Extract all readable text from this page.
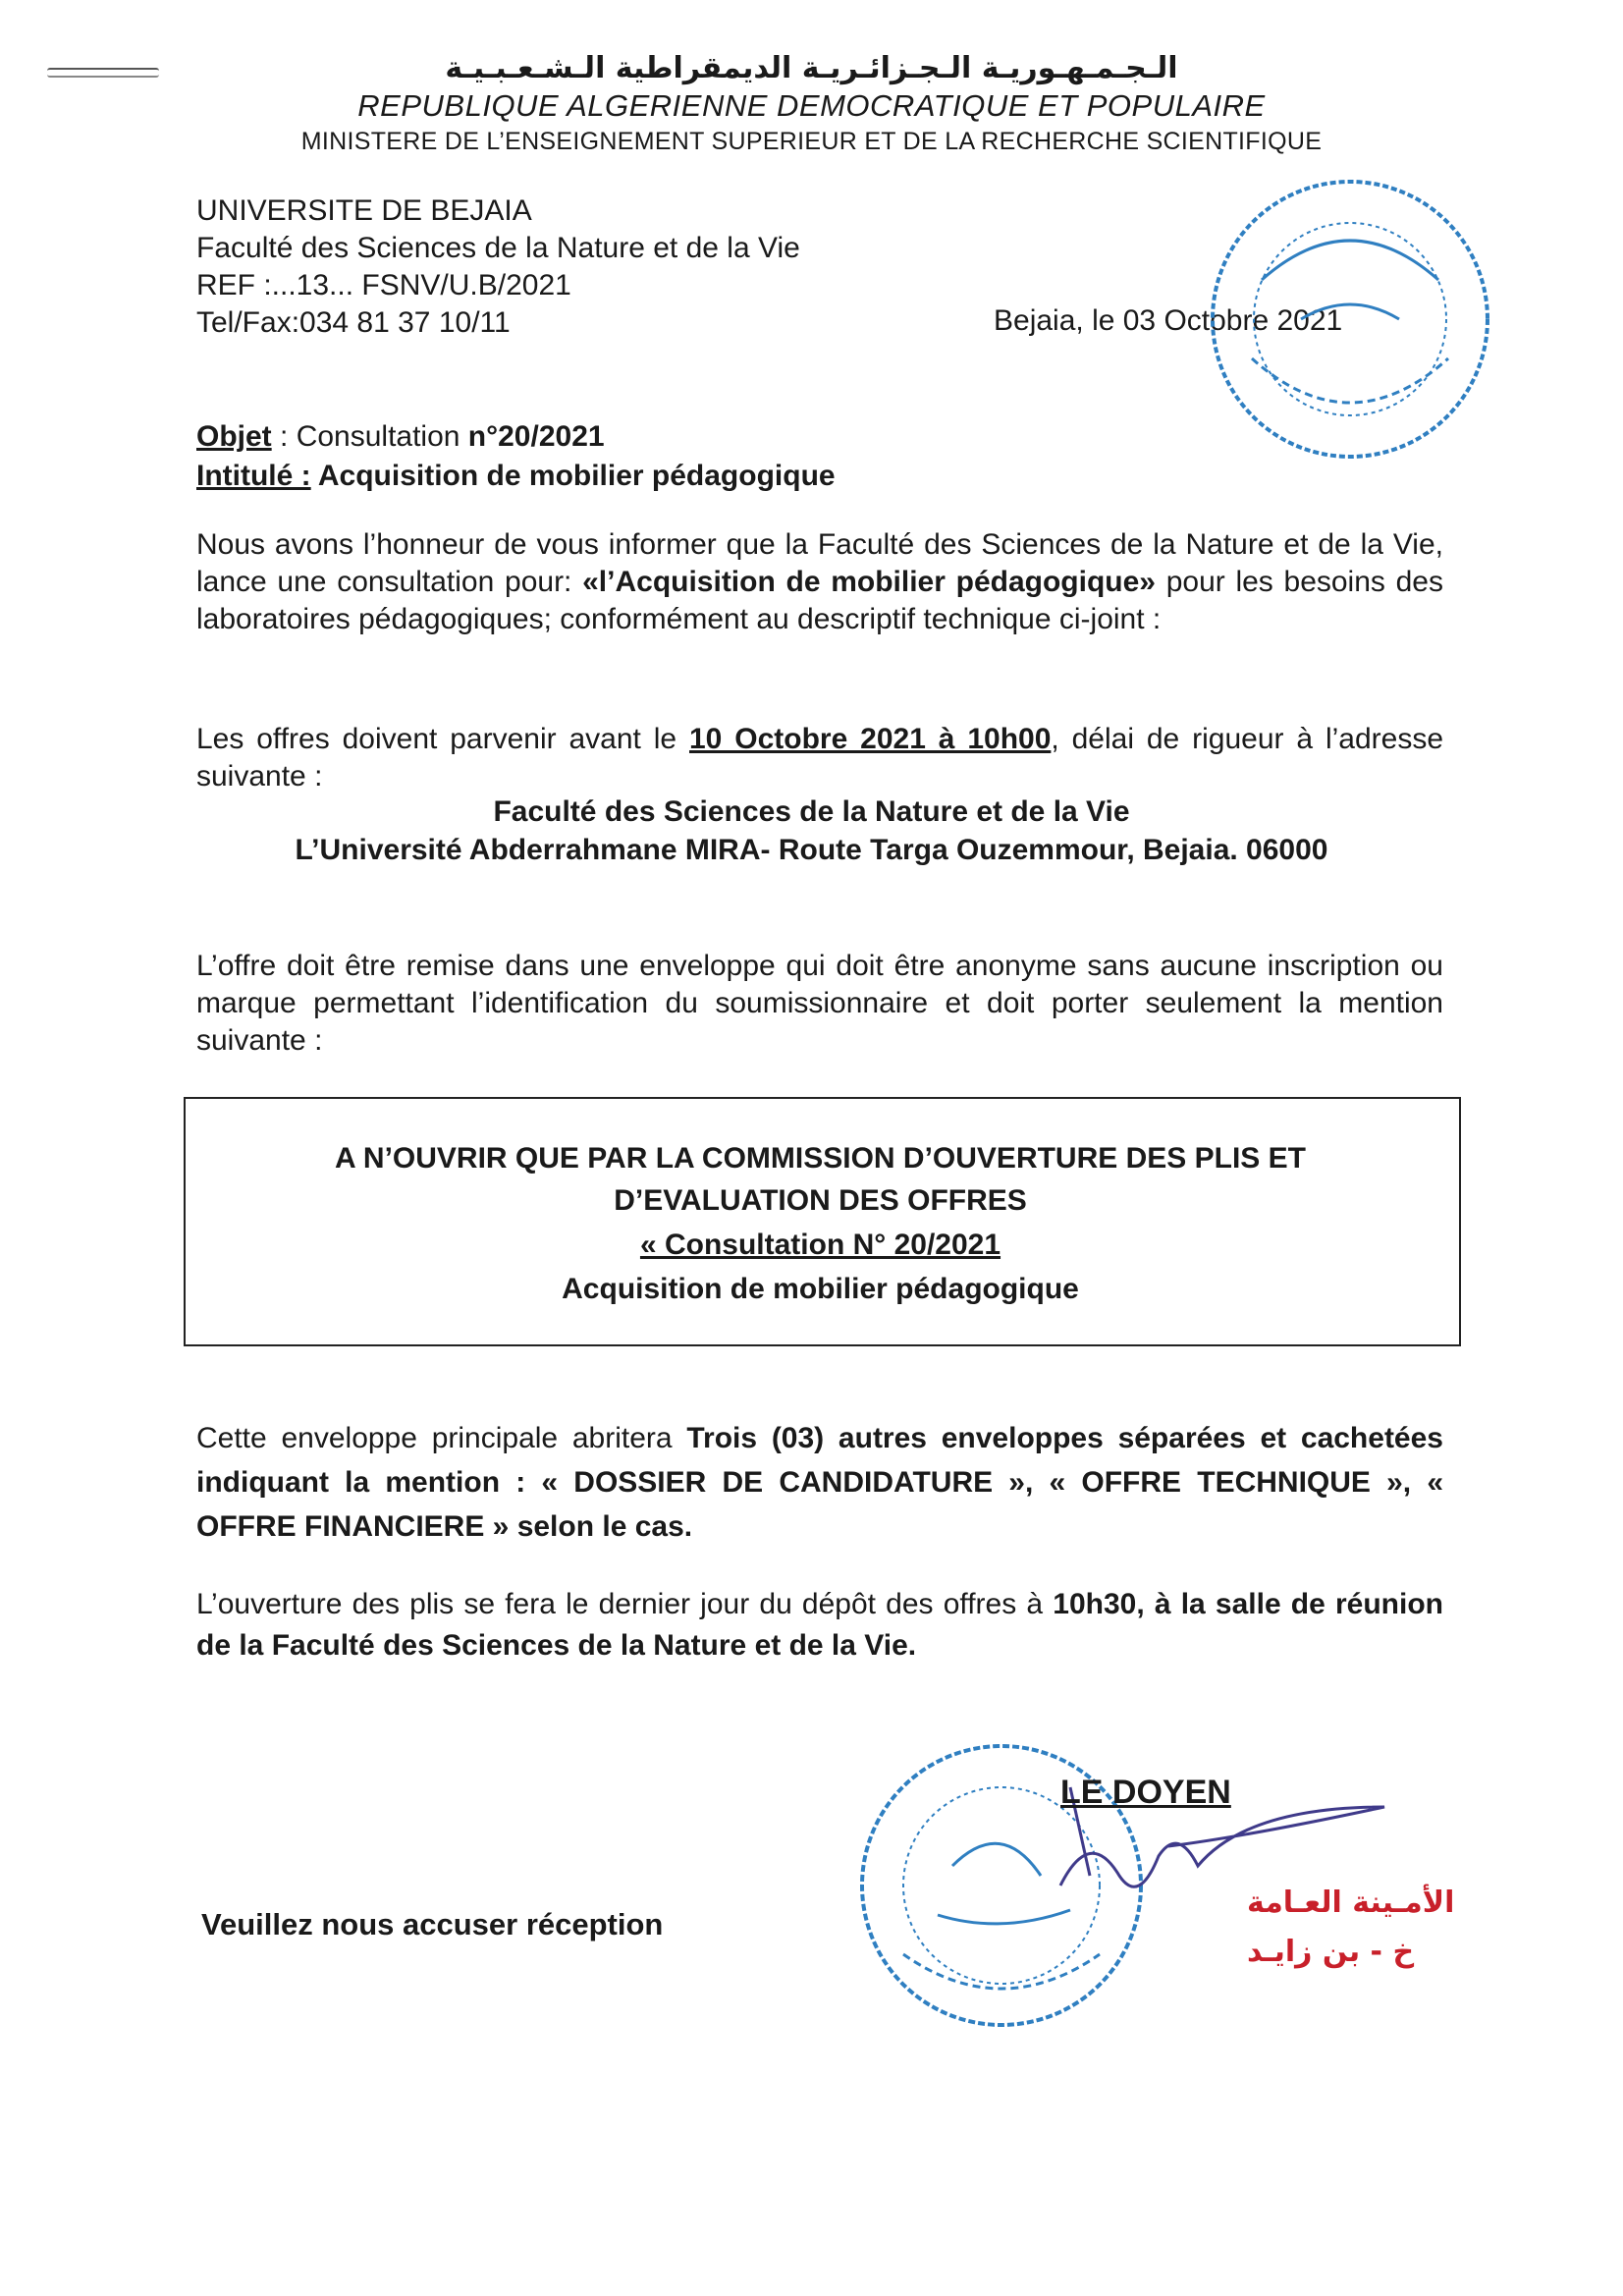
الـجـمـهـوريـة الـجـزائـريـة الديمقراطية الـشـعـبـيـة
REPUBLIQUE ALGERIENNE DEMOCRATIQUE ET POPULAIRE
MINISTERE DE L’ENSEIGNEMENT SUPERIEUR ET DE LA RECHERCHE SCIENTIFIQUE
UNIVERSITE DE BEJAIA
Faculté des Sciences de la Nature et de la Vie
REF :...13... FSNV/U.B/2021
Tel/Fax:034 81 37 10/11	Bejaia, le 03 Octobre 2021
Objet : Consultation n°20/2021
Intitulé : Acquisition de mobilier pédagogique
Nous avons l’honneur de vous informer que la Faculté des Sciences de la Nature et de la Vie, lance une consultation pour: «l’Acquisition de mobilier pédagogique» pour les besoins des laboratoires pédagogiques; conformément au descriptif technique ci-joint :
Les offres doivent parvenir avant le 10 Octobre 2021 à 10h00, délai de rigueur à l’adresse suivante :
Faculté des Sciences de la Nature et de la Vie
L’Université Abderrahmane MIRA- Route Targa Ouzemmour, Bejaia. 06000
L’offre doit être remise dans une enveloppe qui doit être anonyme sans aucune inscription ou marque permettant l’identification du soumissionnaire et doit porter seulement la mention suivante :
A N’OUVRIR QUE PAR LA COMMISSION D’OUVERTURE DES PLIS ET
D’EVALUATION DES OFFRES
« Consultation N° 20/2021
Acquisition de mobilier pédagogique
Cette enveloppe principale abritera Trois (03) autres enveloppes séparées et cachetées indiquant la mention : « DOSSIER DE CANDIDATURE », « OFFRE TECHNIQUE », « OFFRE FINANCIERE » selon le cas.
L’ouverture des plis se fera le dernier jour du dépôt des offres à 10h30, à la salle de réunion de la Faculté des Sciences de la Nature et de la Vie.
LE DOYEN
Veuillez nous accuser réception
الأمـينة العـامة
خ - بن زايـد
